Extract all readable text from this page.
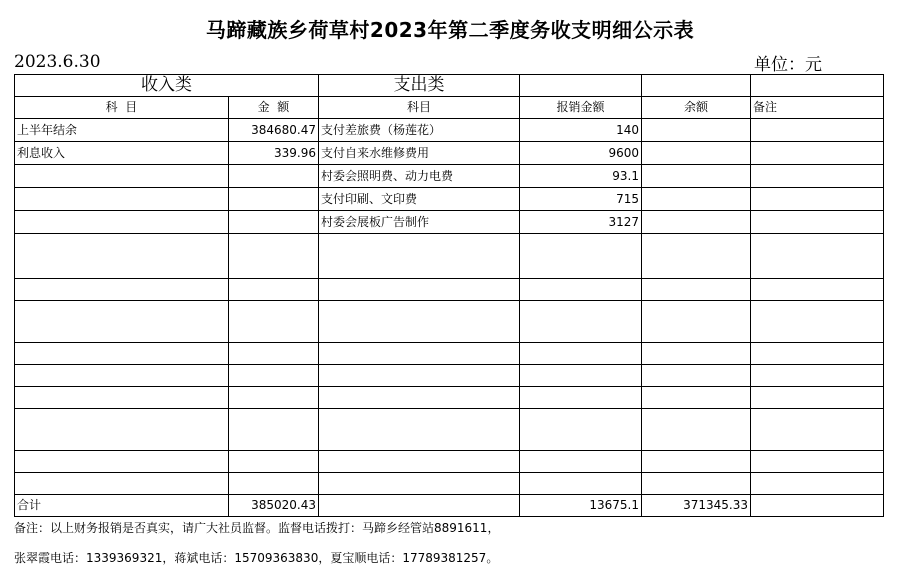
马蹄藏族乡荷草村2023年第二季度务收支明细公示表
2023.6.30	单位：元
收入类		支出类			
科  目	金  额	科目	报销金额	余额	备注
上半年结余	384680.47	支付差旅费（杨莲花）	140		
利息收入	339.96	支付自来水维修费用	9600		
		村委会照明费、动力电费	93.1		
		支付印刷、文印费	715		
		村委会展板广告制作	3127		

合计	385020.43		13675.1	371345.33	
备注：以上财务报销是否真实，请广大社员监督。监督电话拨打：马蹄乡经管站8891611，
张翠霞电话：1339369321，蒋斌电话：15709363830，夏宝顺电话：17789381257。
